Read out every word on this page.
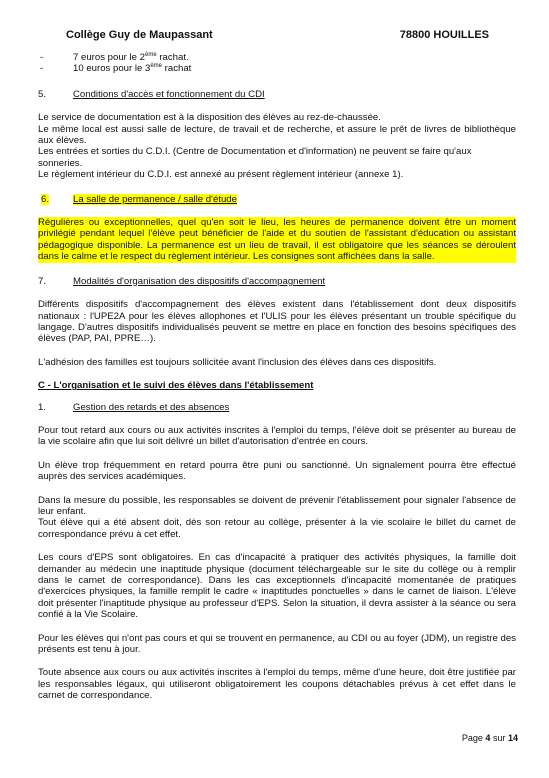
Collège Guy de Maupassant	78800 HOUILLES

- 7 euros pour le 2ème rachat.

- 10 euros pour le 3ème rachat

5.	Conditions d'accès et fonctionnement du CDI

Le service de documentation est à la disposition des élèves au rez-de-chaussée.

Le même local est aussi salle de lecture, de travail et de recherche, et assure le prêt de livres de bibliothèque aux élèves.

Les entrées et sorties du C.D.I. (Centre de Documentation et d'information) ne peuvent se faire qu'aux sonneries.

Le règlement intérieur du C.D.I. est annexé au présent règlement intérieur (annexe 1).

6. La salle de permanence / salle d'étude

Régulières ou exceptionnelles, quel qu'en soit le lieu, les heures de permanence doivent être un moment privilégié pendant lequel l'élève peut bénéficier de l'aide et du soutien de l'assistant d'éducation ou assistant pédagogique disponible. La permanence est un lieu de travail, il est obligatoire que les séances se déroulent dans le calme et le respect du règlement intérieur. Les consignes sont affichées dans la salle.

7.	Modalités d'organisation des dispositifs d'accompagnement

Différents dispositifs d'accompagnement des élèves existent dans l'établissement dont deux dispositifs nationaux : l'UPE2A pour les élèves allophones et l'ULIS pour les élèves présentant un trouble spécifique du langage. D'autres dispositifs individualisés peuvent se mettre en place en fonction des besoins spécifiques des élèves (PAP, PAI, PPRE…).

L'adhésion des familles est toujours sollicitée avant l'inclusion des élèves dans ces dispositifs.

C - L'organisation et le suivi des élèves dans l'établissement

1.	Gestion des retards et des absences

Pour tout retard aux cours ou aux activités inscrites à l'emploi du temps, l'élève doit se présenter au bureau de la vie scolaire afin que lui soit délivré un billet d'autorisation d'entrée en cours.

Un élève trop fréquemment en retard pourra être puni ou sanctionné. Un signalement pourra être effectué auprès des services académiques.

Dans la mesure du possible, les responsables se doivent de prévenir l'établissement pour signaler l'absence de leur enfant.

Tout élève qui a été absent doit, dès son retour au collège, présenter à la vie scolaire le billet du carnet de correspondance prévu à cet effet.

Les cours d'EPS sont obligatoires. En cas d'incapacité à pratiquer des activités physiques, la famille doit demander au médecin une inaptitude physique (document téléchargeable sur le site du collège ou à remplir dans le carnet de correspondance). Dans les cas exceptionnels d'incapacité momentanée de pratiques d'exercices physiques, la famille remplit le cadre « inaptitudes ponctuelles » dans le carnet de liaison. L'élève doit présenter l'inaptitude physique au professeur d'EPS. Selon la situation, il devra assister à la séance ou sera confié à la Vie Scolaire.

Pour les élèves qui n'ont pas cours et qui se trouvent en permanence, au CDI ou au foyer (JDM), un registre des présents est tenu à jour.

Toute absence aux cours ou aux activités inscrites à l'emploi du temps, même d'une heure, doit être justifiée par les responsables légaux, qui utiliseront obligatoirement les coupons détachables prévus à cet effet dans le carnet de correspondance.

Page 4 sur 14
